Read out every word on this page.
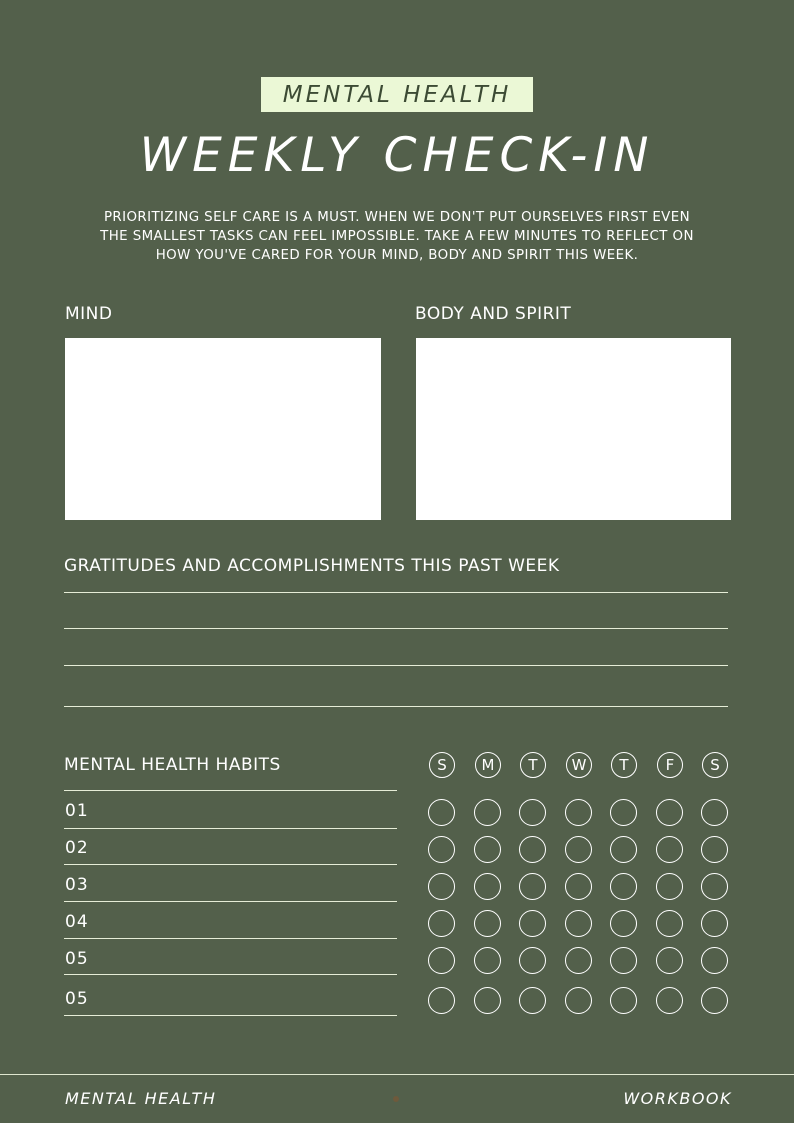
MENTAL HEALTH
WEEKLY CHECK-IN
PRIORITIZING SELF CARE IS A MUST. WHEN WE DON'T PUT OURSELVES FIRST EVEN
THE SMALLEST TASKS CAN FEEL IMPOSSIBLE. TAKE A FEW MINUTES TO REFLECT ON
HOW YOU'VE CARED FOR YOUR MIND, BODY AND SPIRIT THIS WEEK.
MIND	BODY AND SPIRIT
GRATITUDES AND ACCOMPLISHMENTS THIS PAST WEEK
MENTAL HEALTH HABITS	S	M	T	W	T	F	S
01
02
03
04
05
05
MENTAL HEALTH	WORKBOOK
